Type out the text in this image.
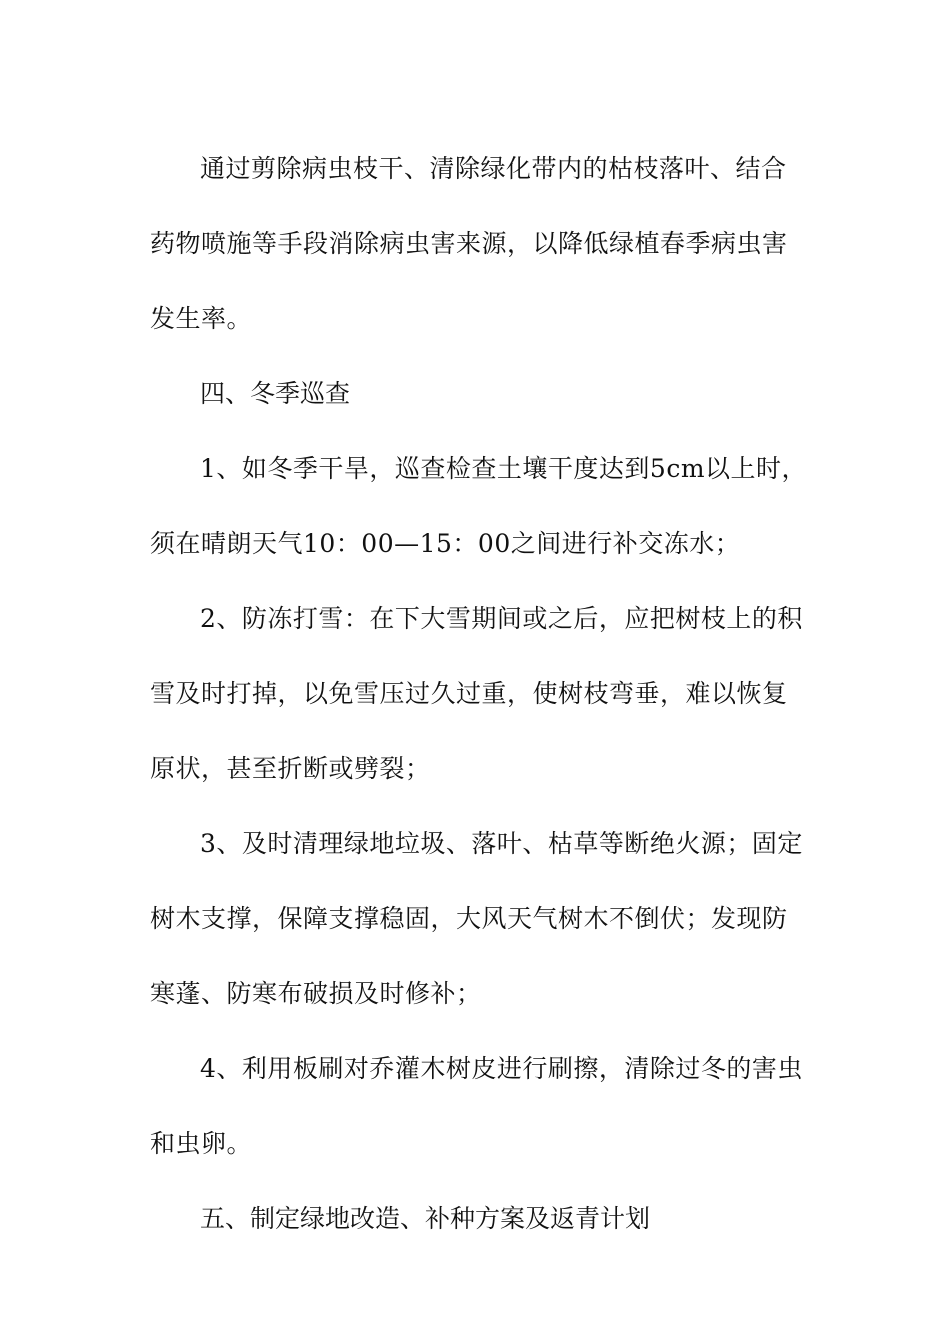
通过剪除病虫枝干、清除绿化带内的枯枝落叶、结合
药物喷施等手段消除病虫害来源，以降低绿植春季病虫害
发生率。

四、冬季巡查

1、如冬季干旱，巡查检查土壤干度达到5cm以上时，
须在晴朗天气10：00—15：00之间进行补交冻水；

2、防冻打雪：在下大雪期间或之后，应把树枝上的积
雪及时打掉，以免雪压过久过重，使树枝弯垂，难以恢复
原状，甚至折断或劈裂；

3、及时清理绿地垃圾、落叶、枯草等断绝火源；固定
树木支撑，保障支撑稳固，大风天气树木不倒伏；发现防
寒蓬、防寒布破损及时修补；

4、利用板刷对乔灌木树皮进行刷擦，清除过冬的害虫
和虫卵。

五、制定绿地改造、补种方案及返青计划
